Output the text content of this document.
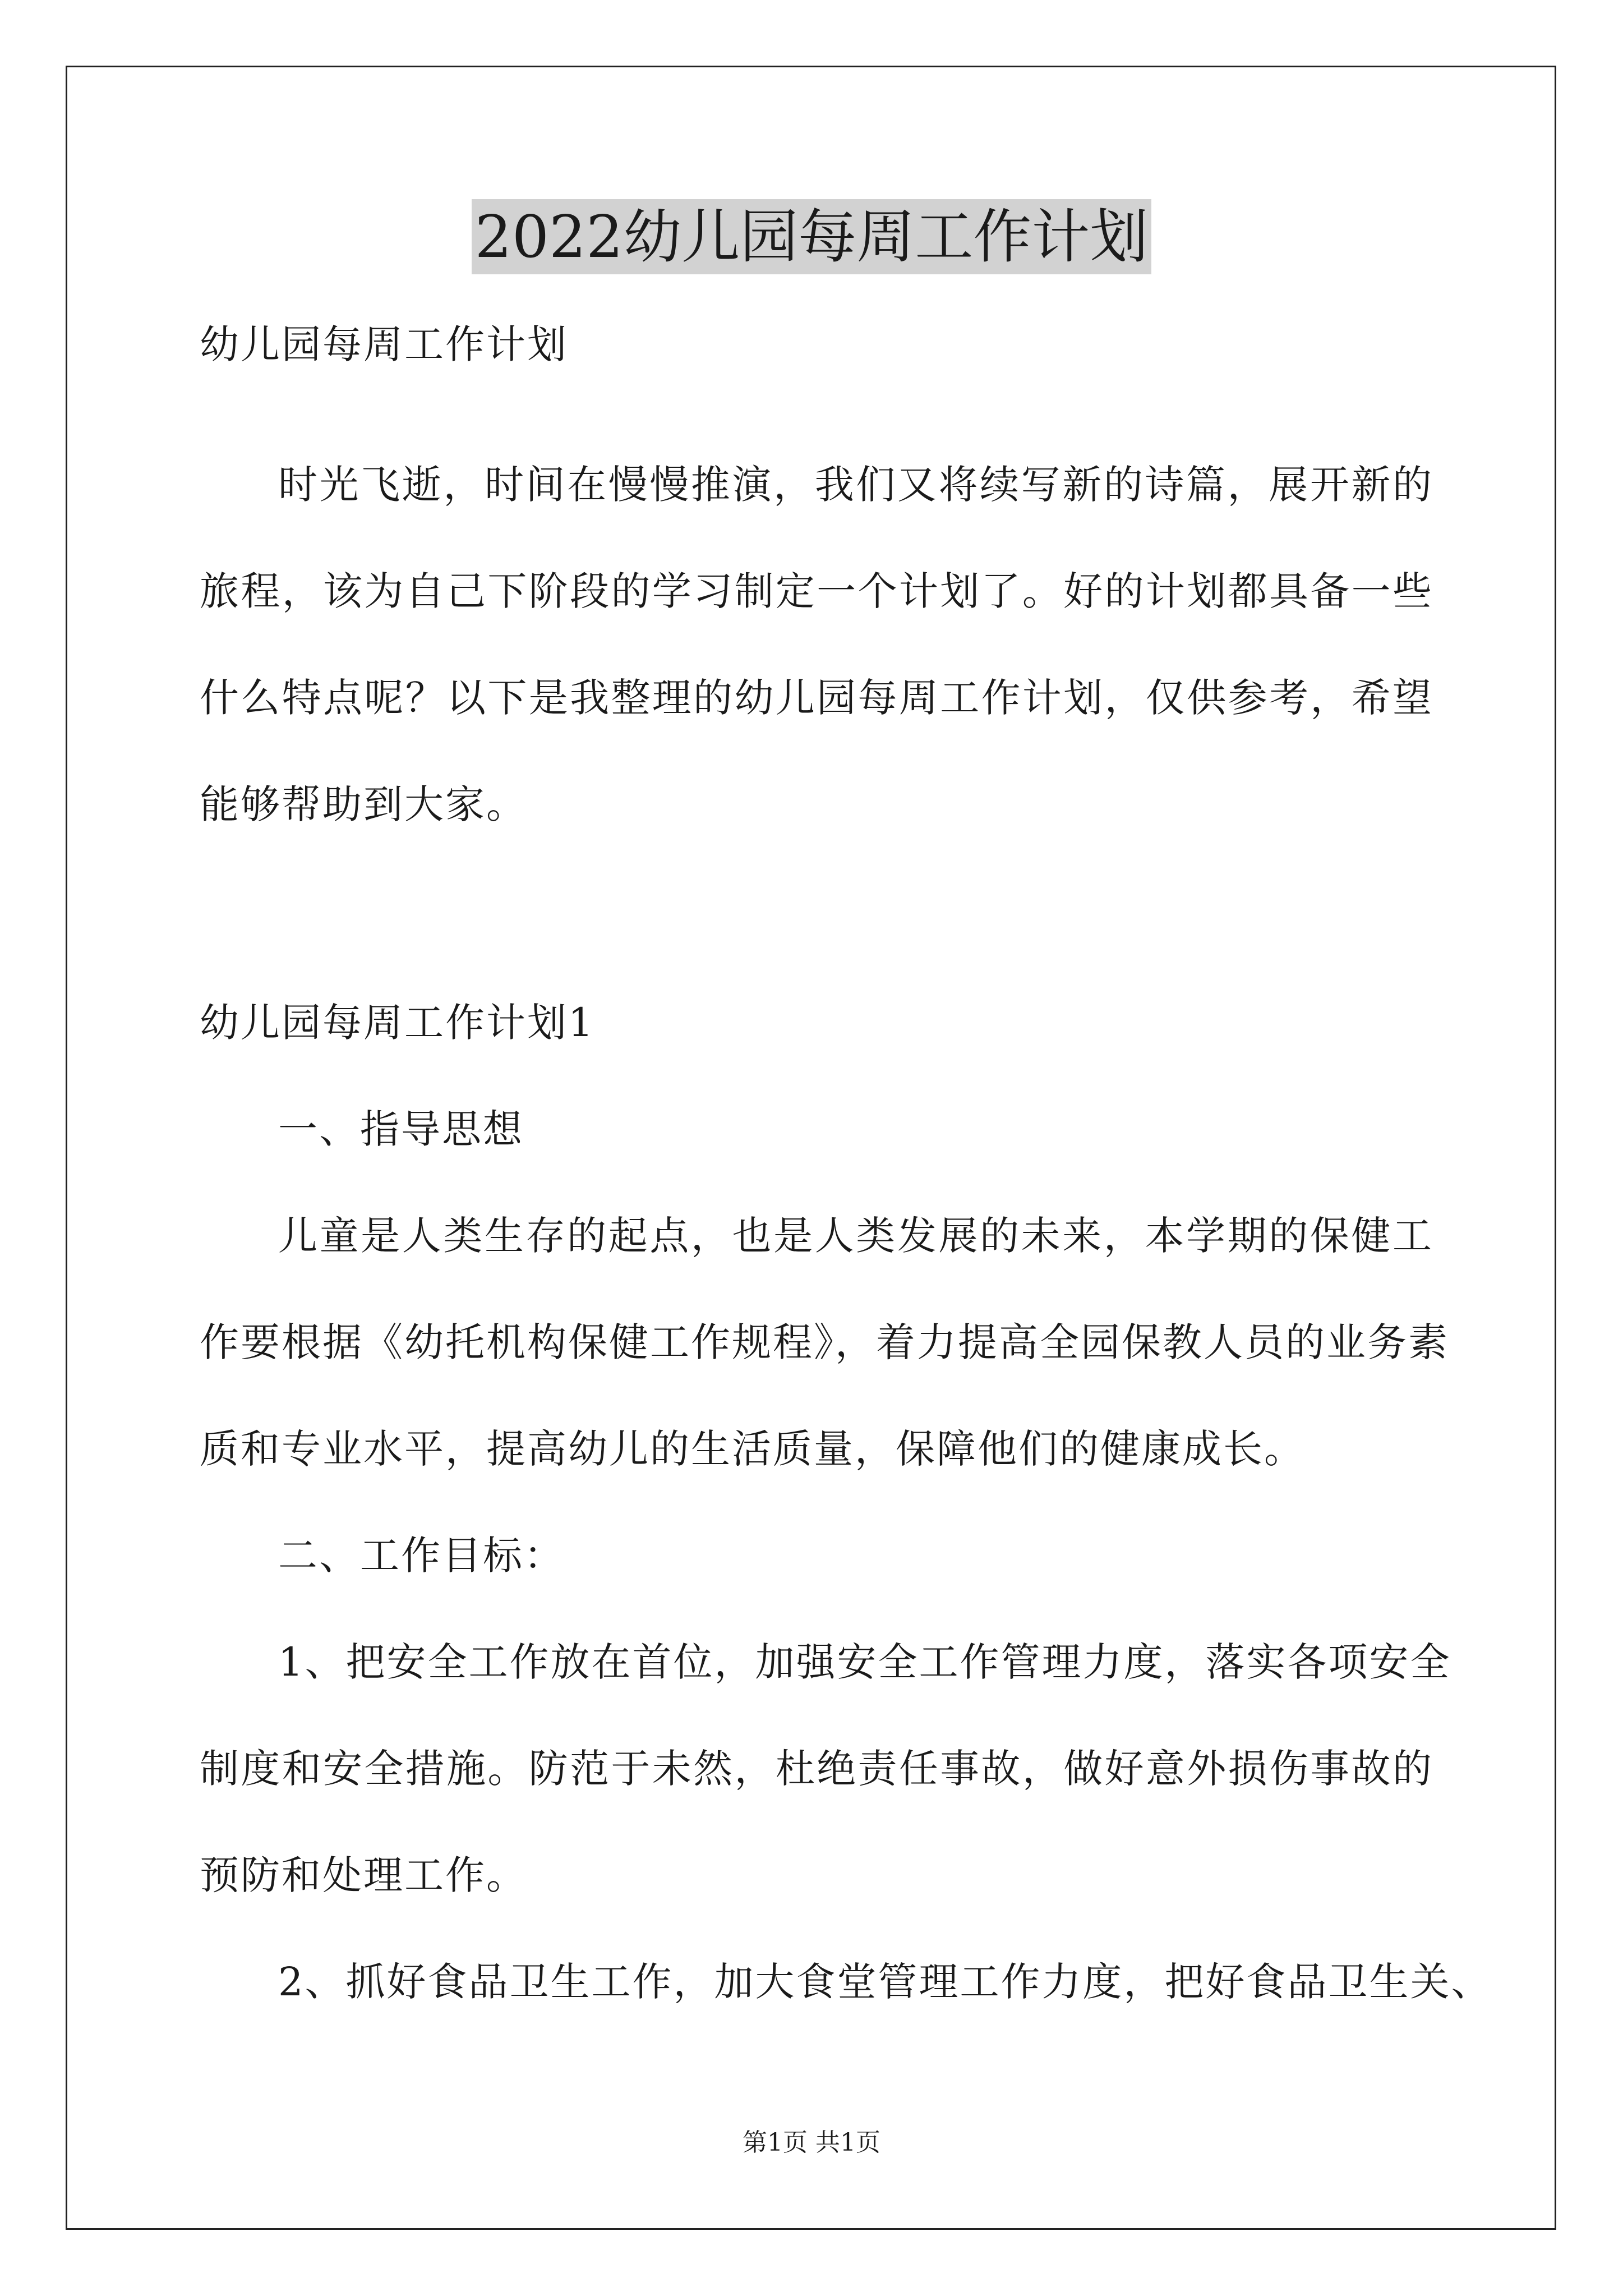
2022幼儿园每周工作计划

幼儿园每周工作计划

时光飞逝，时间在慢慢推演，我们又将续写新的诗篇，展开新的

旅程，该为自己下阶段的学习制定一个计划了。好的计划都具备一些

什么特点呢？以下是我整理的幼儿园每周工作计划，仅供参考，希望

能够帮助到大家。

幼儿园每周工作计划1

一、指导思想

儿童是人类生存的起点，也是人类发展的未来，本学期的保健工

作要根据《幼托机构保健工作规程》，着力提高全园保教人员的业务素

质和专业水平，提高幼儿的生活质量，保障他们的健康成长。

二、工作目标：

1、把安全工作放在首位，加强安全工作管理力度，落实各项安全

制度和安全措施。防范于未然，杜绝责任事故，做好意外损伤事故的

预防和处理工作。

2、抓好食品卫生工作，加大食堂管理工作力度，把好食品卫生关、

第1页 共1页
